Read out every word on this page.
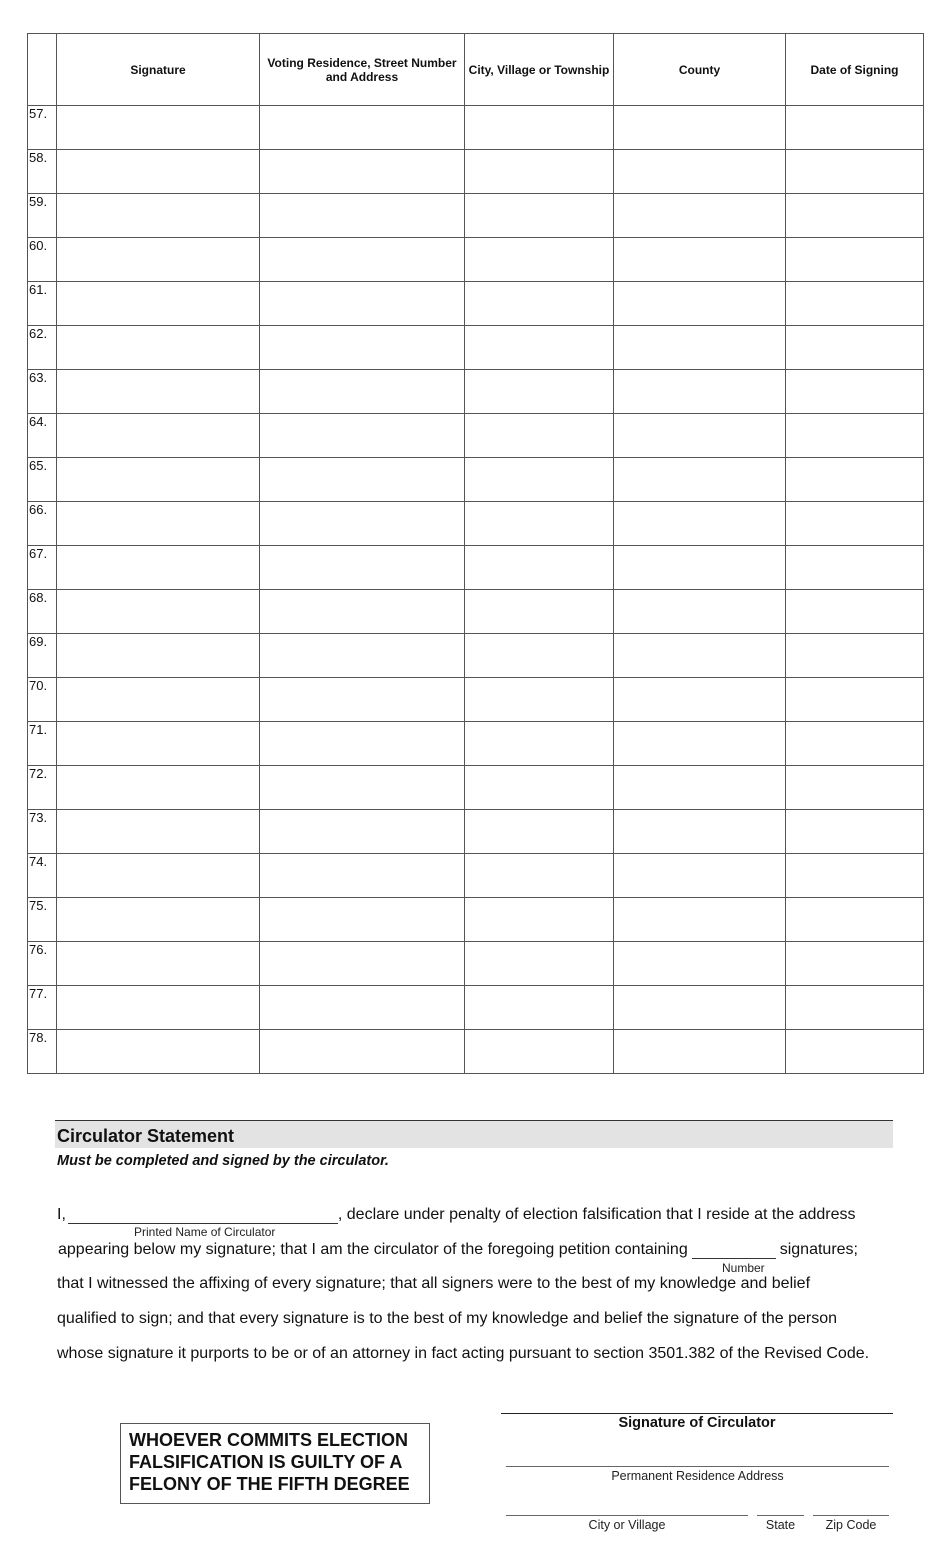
	Signature	Voting Residence, Street Number and Address	City, Village or Township	County	Date of Signing
57.					
58.					
59.					
60.					
61.					
62.					
63.					
64.					
65.					
66.					
67.					
68.					
69.					
70.					
71.					
72.					
73.					
74.					
75.					
76.					
77.					
78.					
Circulator Statement
Must be completed and signed by the circulator.
I,	, declare under penalty of election falsification that I reside at the address
Printed Name of Circulator
appearing below my signature; that I am the circulator of the foregoing petition containing	signatures;
Number
that I witnessed the affixing of every signature; that all signers were to the best of my knowledge and belief
qualified to sign; and that every signature is to the best of my knowledge and belief the signature of the person
whose signature it purports to be or of an attorney in fact acting pursuant to section 3501.382 of the Revised Code.
WHOEVER COMMITS ELECTION
FALSIFICATION IS GUILTY OF A
FELONY OF THE FIFTH DEGREE
Signature of Circulator
Permanent Residence Address
City or Village	State	Zip Code
